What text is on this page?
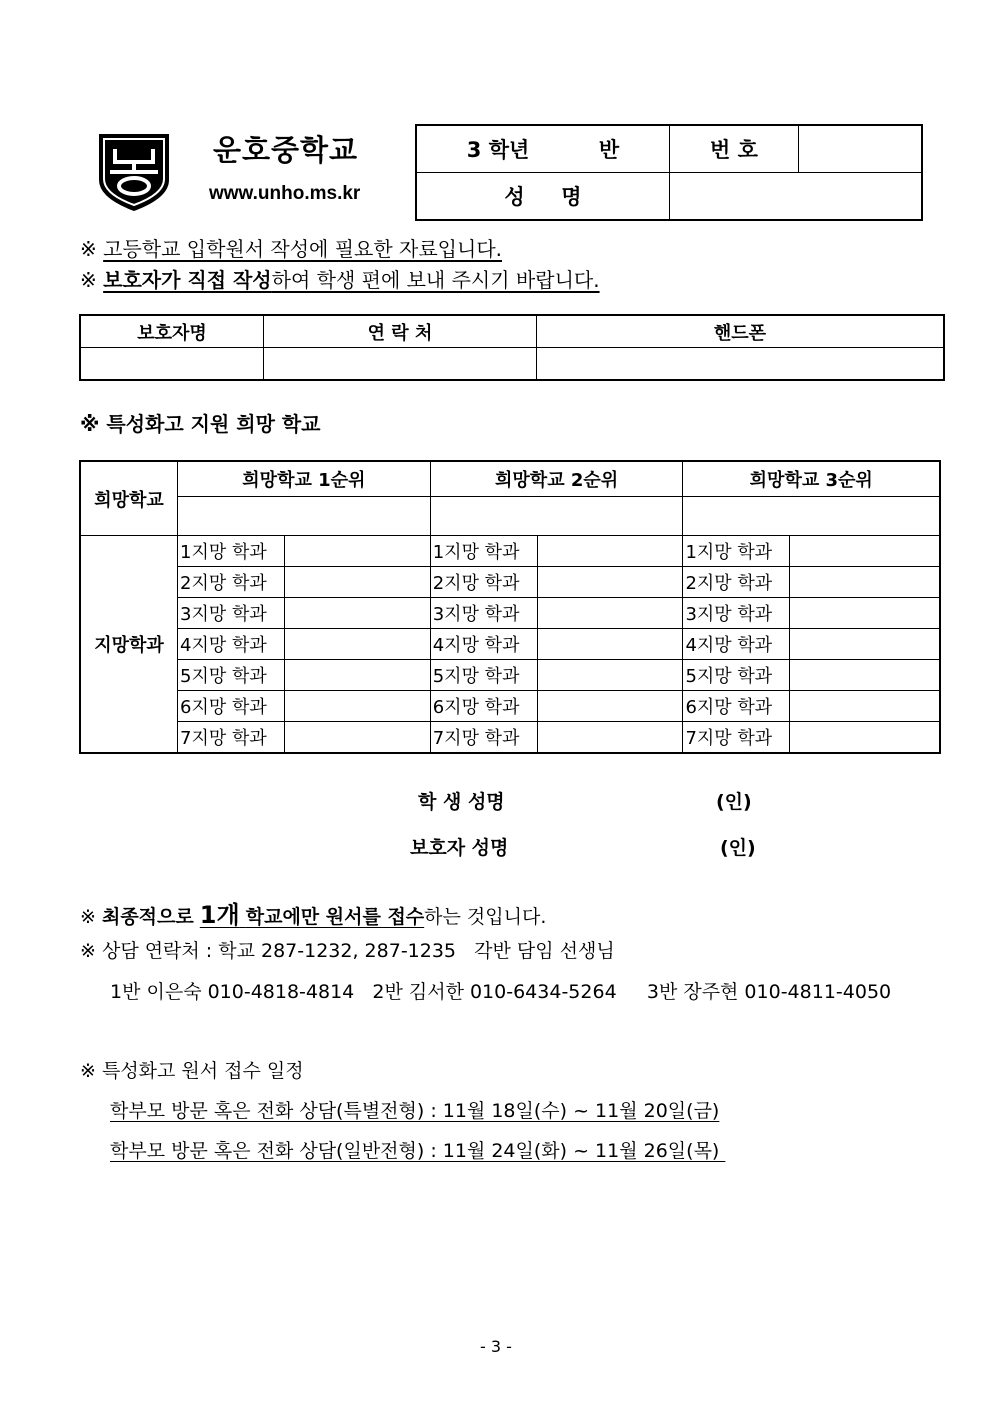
운호중학교
www.unho.ms.kr
3 학년 반	번 호	
성     명		
※ 고등학교 입학원서 작성에 필요한 자료입니다.
※ 보호자가 직접 작성하여 학생 편에 보내 주시기 바랍니다.
보호자명	연 락 처	핸드폰

※ 특성화고 지원 희망 학교
희망학교	희망학교 1순위		희망학교 2순위		희망학교 3순위	

지망학과	1지망 학과		1지망 학과		1지망 학과	
	2지망 학과		2지망 학과		2지망 학과	
	3지망 학과		3지망 학과		3지망 학과	
	4지망 학과		4지망 학과		4지망 학과	
	5지망 학과		5지망 학과		5지망 학과	
	6지망 학과		6지망 학과		6지망 학과	
	7지망 학과		7지망 학과		7지망 학과	
학 생 성명	(인)
보호자 성명	(인)
※ 최종적으로 1개 학교에만 원서를 접수하는 것입니다.
※ 상담 연락처 : 학교 287-1232, 287-1235   각반 담임 선생님
1반 이은숙 010-4818-4814   2반 김서한 010-6434-5264     3반 장주현 010-4811-4050
※ 특성화고 원서 접수 일정
학부모 방문 혹은 전화 상담(특별전형) : 11월 18일(수) ~ 11월 20일(금)
학부모 방문 혹은 전화 상담(일반전형) : 11월 24일(화) ~ 11월 26일(목)
- 3 -
